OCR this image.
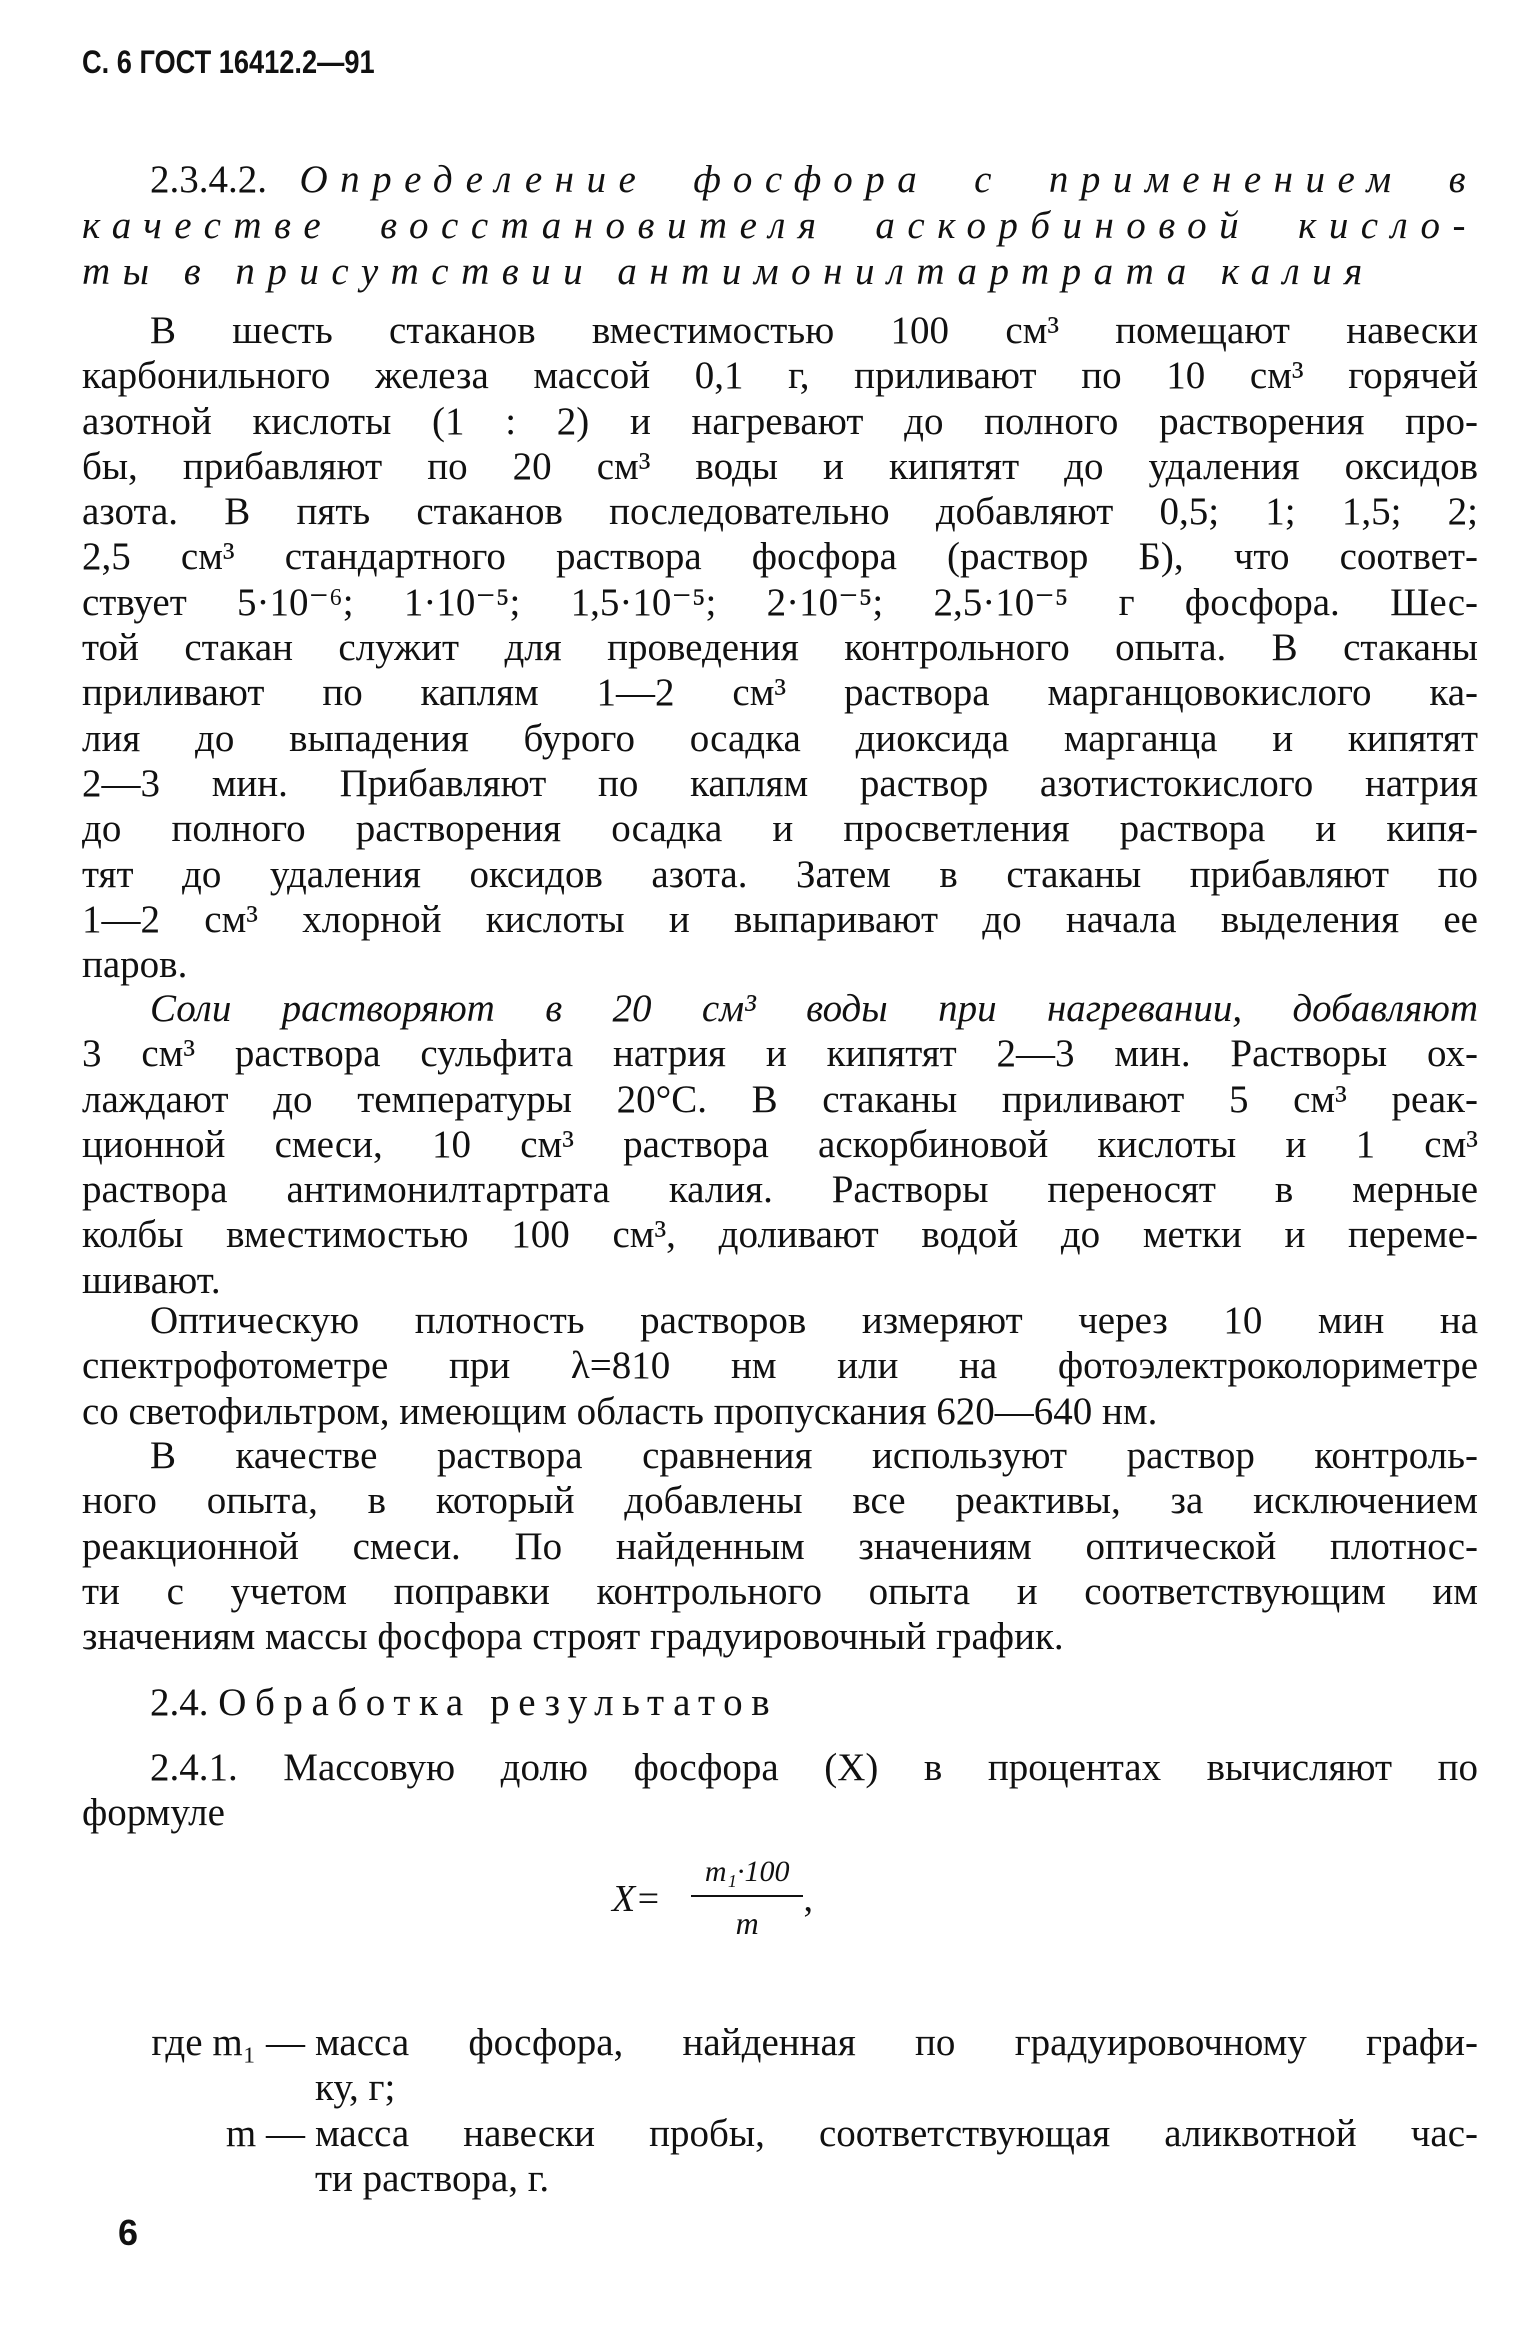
С. 6 ГОСТ 16412.2—91
2.3.4.2. Определение фосфора с применением в
качестве восстановителя аскорбиновой кисло-
ты в присутствии антимонилтартрата калия
В шесть стаканов вместимостью 100 см³ помещают навески
карбонильного железа массой 0,1 г, приливают по 10 см³ горячей
азотной кислоты (1 : 2) и нагревают до полного растворения про-
бы, прибавляют по 20 см³ воды и кипятят до удаления оксидов
азота. В пять стаканов последовательно добавляют 0,5; 1; 1,5; 2;
2,5 см³ стандартного раствора фосфора (раствор Б), что соответ-
ствует 5·10⁻⁶; 1·10⁻⁵; 1,5·10⁻⁵; 2·10⁻⁵; 2,5·10⁻⁵ г фосфора. Шес-
той стакан служит для проведения контрольного опыта. В стаканы
приливают по каплям 1—2 см³ раствора марганцовокислого ка-
лия до выпадения бурого осадка диоксида марганца и кипятят
2—3 мин. Прибавляют по каплям раствор азотистокислого натрия
до полного растворения осадка и просветления раствора и кипя-
тят до удаления оксидов азота. Затем в стаканы прибавляют по
1—2 см³ хлорной кислоты и выпаривают до начала выделения ее
паров.
Соли растворяют в 20 см³ воды при нагревании, добавляют
3 см³ раствора сульфита натрия и кипятят 2—3 мин. Растворы ох-
лаждают до температуры 20°С. В стаканы приливают 5 см³ реак-
ционной смеси, 10 см³ раствора аскорбиновой кислоты и 1 см³
раствора антимонилтартрата калия. Растворы переносят в мерные
колбы вместимостью 100 см³, доливают водой до метки и переме-
шивают.
Оптическую плотность растворов измеряют через 10 мин на
спектрофотометре при λ=810 нм или на фотоэлектроколориметре
со светофильтром, имеющим область пропускания 620—640 нм.
В качестве раствора сравнения используют раствор контроль-
ного опыта, в который добавлены все реактивы, за исключением
реакционной смеси. По найденным значениям оптической плотнос-
ти с учетом поправки контрольного опыта и соответствующим им
значениям массы фосфора строят градуировочный график.
2.4. Обработка результатов
2.4.1. Массовую долю фосфора (X) в процентах вычисляют по
формуле
$X= \frac{\text{m₁·100}}{m}$ ,
где m₁ — масса фосфора, найденная по градуировочному графи-
ку, г;
m — масса навески пробы, соответствующая аликвотной час-
ти раствора, г.
6
